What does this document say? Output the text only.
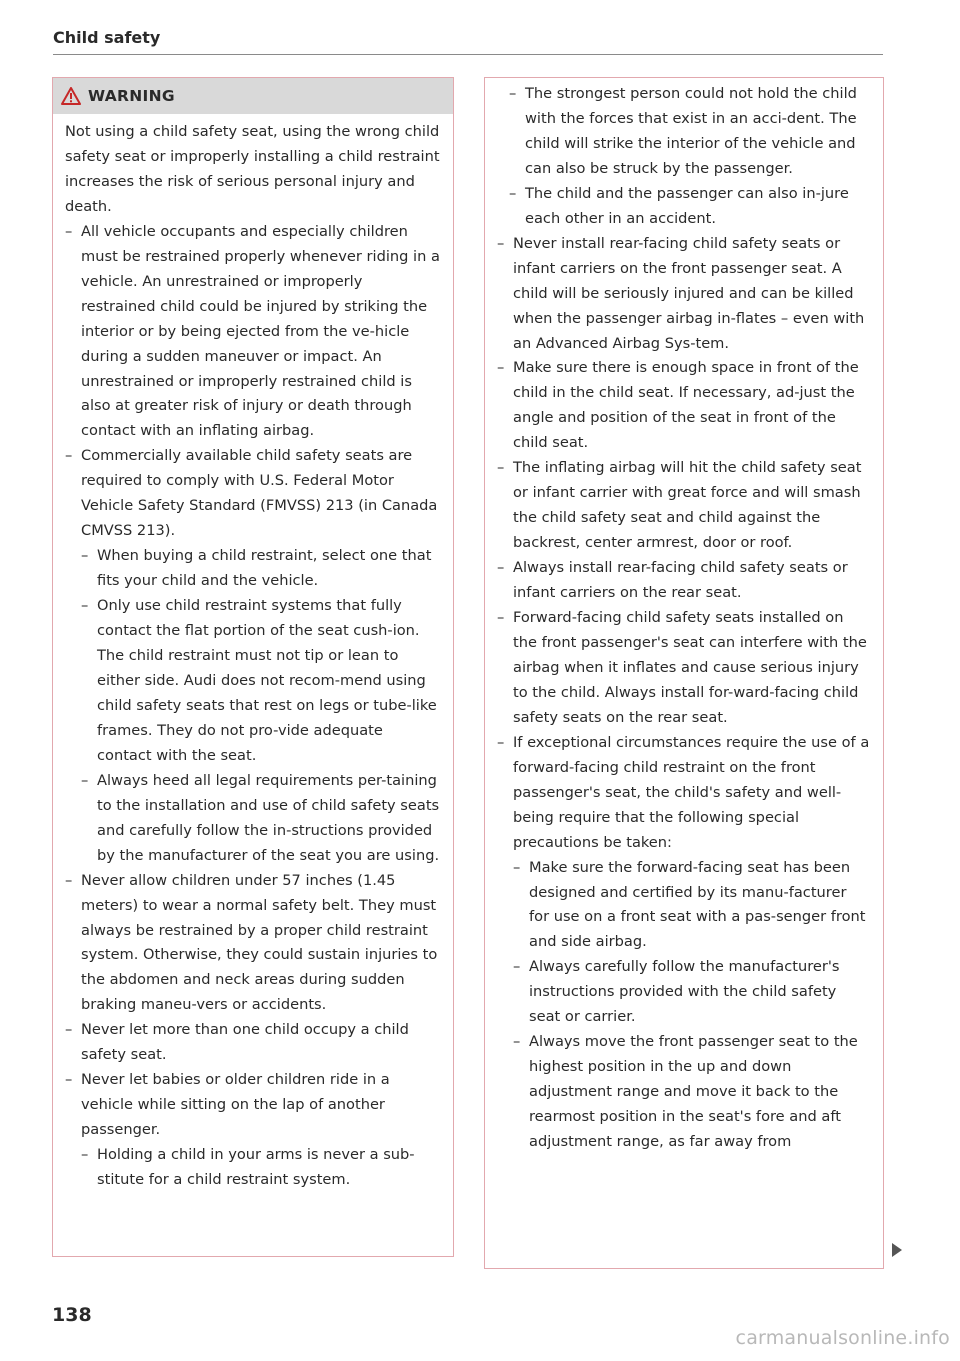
Child safety
WARNING

Not using a child safety seat, using the wrong child safety seat or improperly installing a child restraint increases the risk of serious personal injury and death.

– All vehicle occupants and especially children must be restrained properly whenever riding in a vehicle. An unrestrained or improperly restrained child could be injured by striking the interior or by being ejected from the ve-hicle during a sudden maneuver or impact. An unrestrained or improperly restrained child is also at greater risk of injury or death through contact with an inflating airbag.
– Commercially available child safety seats are required to comply with U.S. Federal Motor Vehicle Safety Standard (FMVSS) 213 (in Canada CMVSS 213).
– When buying a child restraint, select one that fits your child and the vehicle.
– Only use child restraint systems that fully contact the flat portion of the seat cush-ion. The child restraint must not tip or lean to either side. Audi does not recom-mend using child safety seats that rest on legs or tube-like frames. They do not pro-vide adequate contact with the seat.
– Always heed all legal requirements per-taining to the installation and use of child safety seats and carefully follow the in-structions provided by the manufacturer of the seat you are using.
– Never allow children under 57 inches (1.45 meters) to wear a normal safety belt. They must always be restrained by a proper child restraint system. Otherwise, they could sustain injuries to the abdomen and neck areas during sudden braking maneu-vers or accidents.
– Never let more than one child occupy a child safety seat.
– Never let babies or older children ride in a vehicle while sitting on the lap of another passenger.
– Holding a child in your arms is never a sub-stitute for a child restraint system.
– The strongest person could not hold the child with the forces that exist in an acci-dent. The child will strike the interior of the vehicle and can also be struck by the passenger.
– The child and the passenger can also in-jure each other in an accident.
– Never install rear-facing child safety seats or infant carriers on the front passenger seat. A child will be seriously injured and can be killed when the passenger airbag in-flates – even with an Advanced Airbag Sys-tem.
– Make sure there is enough space in front of the child in the child seat. If necessary, ad-just the angle and position of the seat in front of the child seat.
– The inflating airbag will hit the child safety seat or infant carrier with great force and will smash the child safety seat and child against the backrest, center armrest, door or roof.
– Always install rear-facing child safety seats or infant carriers on the rear seat.
– Forward-facing child safety seats installed on the front passenger's seat can interfere with the airbag when it inflates and cause serious injury to the child. Always install for-ward-facing child safety seats on the rear seat.
– If exceptional circumstances require the use of a forward-facing child restraint on the front passenger's seat, the child's safety and well-being require that the following special precautions be taken:
– Make sure the forward-facing seat has been designed and certified by its manu-facturer for use on a front seat with a pas-senger front and side airbag.
– Always carefully follow the manufacturer's instructions provided with the child safety seat or carrier.
– Always move the front passenger seat to the highest position in the up and down adjustment range and move it back to the rearmost position in the seat's fore and aft adjustment range, as far away from
138
carmanualsonline.info
